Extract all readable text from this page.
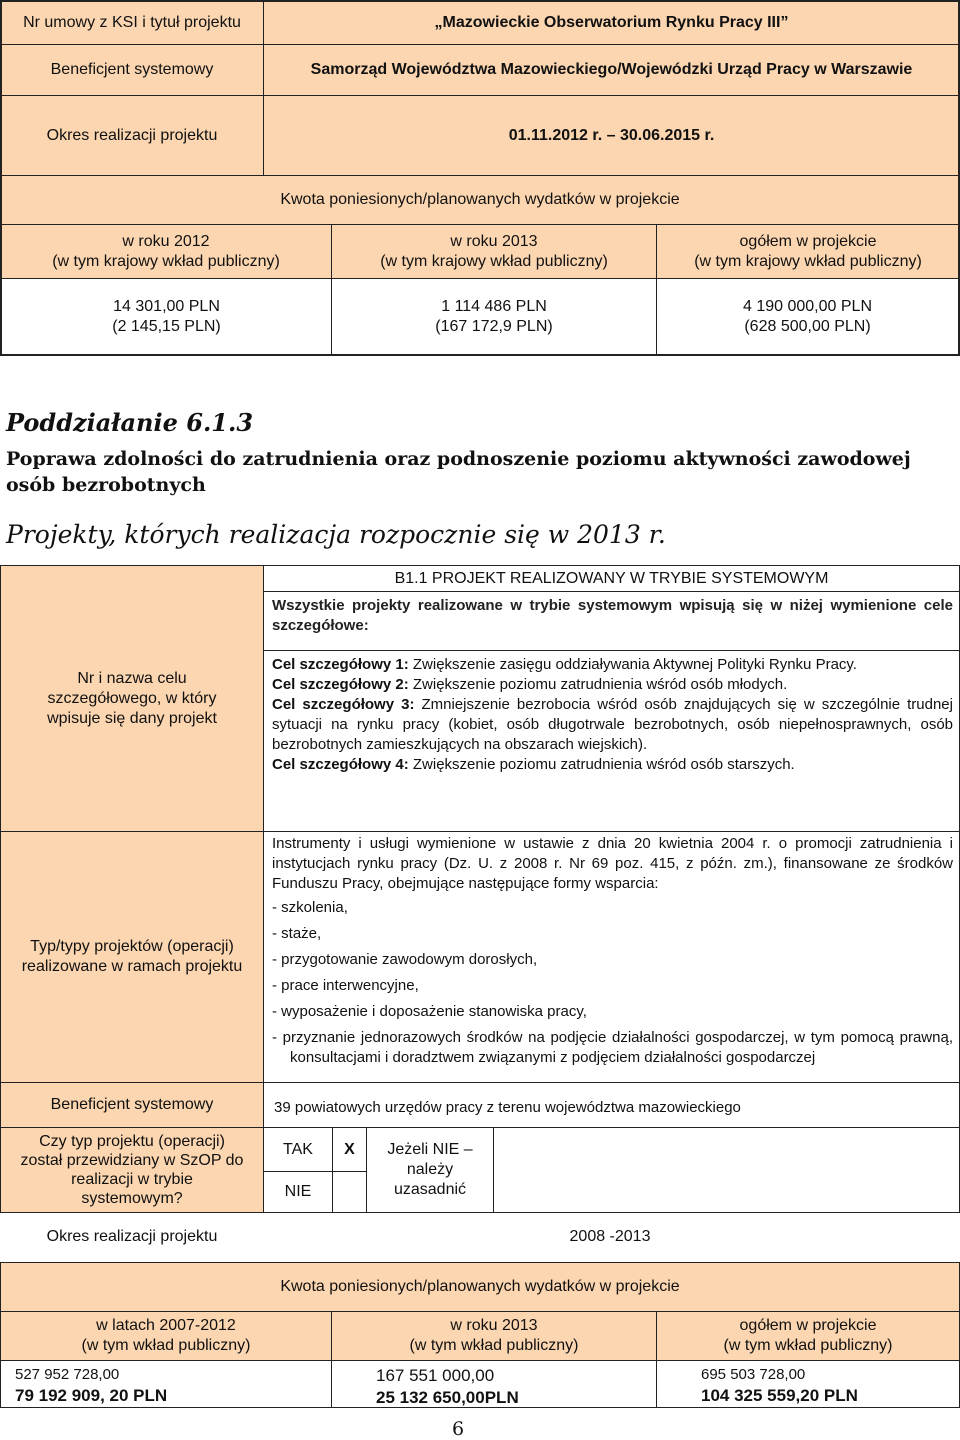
Nr umowy z KSI i tytuł projektu
Beneficjent systemowy
Okres realizacji projektu
„Mazowieckie Obserwatorium Rynku Pracy III”
Samorząd Województwa Mazowieckiego/Wojewódzki Urząd Pracy w Warszawie
01.11.2012 r. – 30.06.2015 r.
Kwota poniesionych/planowanych wydatków w projekcie
w roku 2012
(w tym krajowy wkład publiczny)
w roku 2013
(w tym krajowy wkład publiczny)
ogółem w projekcie
(w tym krajowy wkład publiczny)
14 301,00 PLN
(2 145,15 PLN)
1 114 486 PLN
(167 172,9 PLN)
4 190 000,00 PLN
(628 500,00 PLN)
Poddziałanie 6.1.3
Poprawa zdolności do zatrudnienia oraz podnoszenie poziomu aktywności zawodowej osób bezrobotnych
Projekty, których realizacja rozpocznie się w 2013 r.
Nr i nazwa celu szczegółowego, w który wpisuje się dany projekt
Typ/typy projektów (operacji) realizowane w ramach projektu
Beneficjent systemowy
Czy typ projektu (operacji) został przewidziany w SzOP do realizacji w trybie systemowym?
B1.1 PROJEKT REALIZOWANY W TRYBIE SYSTEMOWYM
Wszystkie projekty realizowane w trybie systemowym wpisują się w niżej wymienione cele szczegółowe:
Cel szczegółowy 1: Zwiększenie zasięgu oddziaływania Aktywnej Polityki Rynku Pracy.
Cel szczegółowy 2: Zwiększenie poziomu zatrudnienia wśród osób młodych.
Cel szczegółowy 3: Zmniejszenie bezrobocia wśród osób znajdujących się w szczególnie trudnej sytuacji na rynku pracy (kobiet, osób długotrwale bezrobotnych, osób niepełnosprawnych, osób bezrobotnych zamieszkujących na obszarach wiejskich).
Cel szczegółowy 4: Zwiększenie poziomu zatrudnienia wśród osób starszych.
Instrumenty i usługi wymienione w ustawie z dnia 20 kwietnia 2004 r. o promocji zatrudnienia i instytucjach rynku pracy (Dz. U. z 2008 r. Nr 69 poz. 415, z późn. zm.), finansowane ze środków Funduszu Pracy, obejmujące następujące formy wsparcia:
- szkolenia,
- staże,
- przygotowanie zawodowym dorosłych,
- prace interwencyjne,
- wyposażenie i doposażenie stanowiska pracy,
- przyznanie jednorazowych środków na podjęcie działalności gospodarczej, w tym pomocą prawną, konsultacjami i doradztwem związanymi z podjęciem działalności gospodarczej
39 powiatowych urzędów pracy z terenu województwa mazowieckiego
TAK	X
NIE
Jeżeli NIE – należy uzasadnić
Okres realizacji projektu	2008 -2013
Kwota poniesionych/planowanych wydatków w projekcie
w latach 2007-2012
(w tym wkład publiczny)
w roku 2013
(w tym wkład publiczny)
ogółem w projekcie
(w tym wkład publiczny)
527 952 728,00
79 192 909, 20 PLN
167 551 000,00
25 132 650,00PLN
695 503 728,00
104 325 559,20 PLN
6
